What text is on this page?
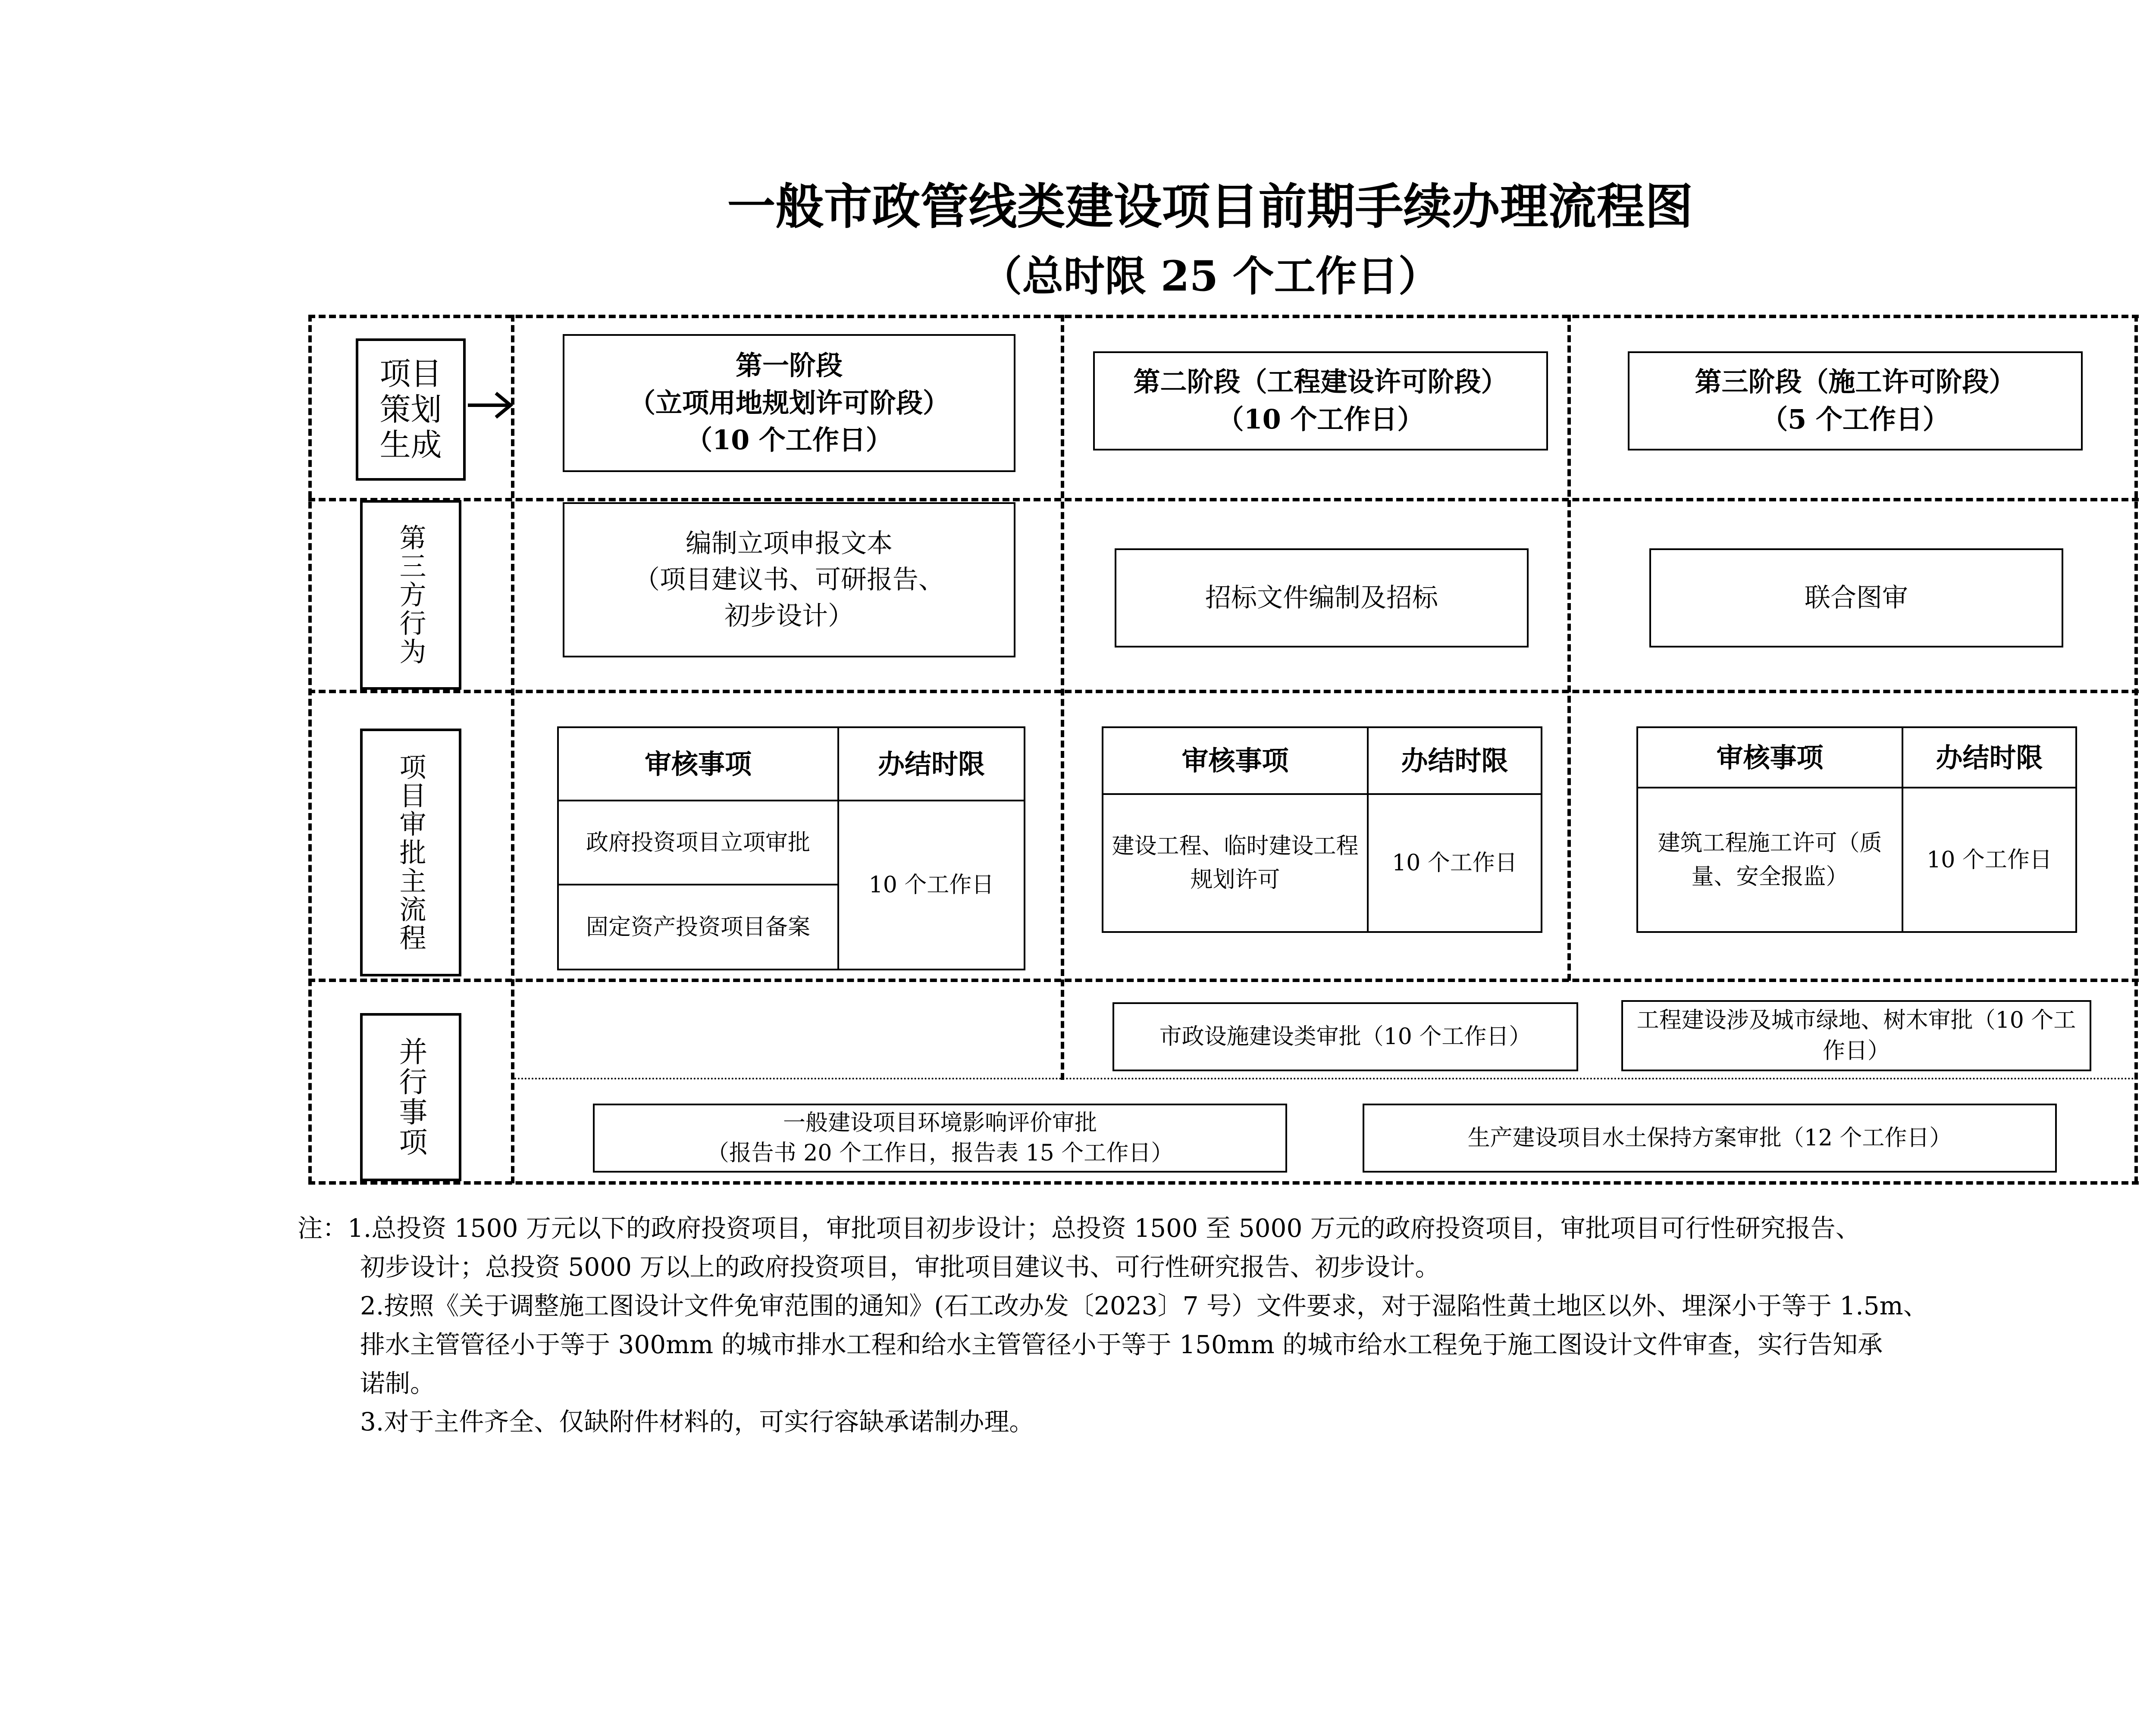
一般市政管线类建设项目前期手续办理流程图
（总时限 25 个工作日）
项目策划生成
第三方行为
项目审批主流程
并行事项
第一阶段
（立项用地规划许可阶段）
（10 个工作日）
第二阶段（工程建设许可阶段）
（10 个工作日）
第三阶段（施工许可阶段）
（5 个工作日）
编制立项申报文本
（项目建议书、可研报告、
初步设计）
招标文件编制及招标	联合图审
审核事项	办结时限
政府投资项目立项审批	10 个工作日
固定资产投资项目备案	
审核事项	办结时限
建设工程、临时建设工程规划许可	10 个工作日
审核事项	办结时限
建筑工程施工许可（质量、安全报监）	10 个工作日
市政设施建设类审批（10 个工作日）
工程建设涉及城市绿地、树木审批（10 个工作日）
一般建设项目环境影响评价审批
（报告书 20 个工作日，报告表 15 个工作日）
生产建设项目水土保持方案审批（12 个工作日）

注：1.总投资 1500 万元以下的政府投资项目，审批项目初步设计；总投资 1500 至 5000 万元的政府投资项目，审批项目可行性研究报告、

初步设计；总投资 5000 万以上的政府投资项目，审批项目建议书、可行性研究报告、初步设计。

2.按照《关于调整施工图设计文件免审范围的通知》(石工改办发〔2023〕7 号）文件要求，对于湿陷性黄土地区以外、埋深小于等于 1.5m、

排水主管管径小于等于 300mm 的城市排水工程和给水主管管径小于等于 150mm 的城市给水工程免于施工图设计文件审查，实行告知承

诺制。

3.对于主件齐全、仅缺附件材料的，可实行容缺承诺制办理。
